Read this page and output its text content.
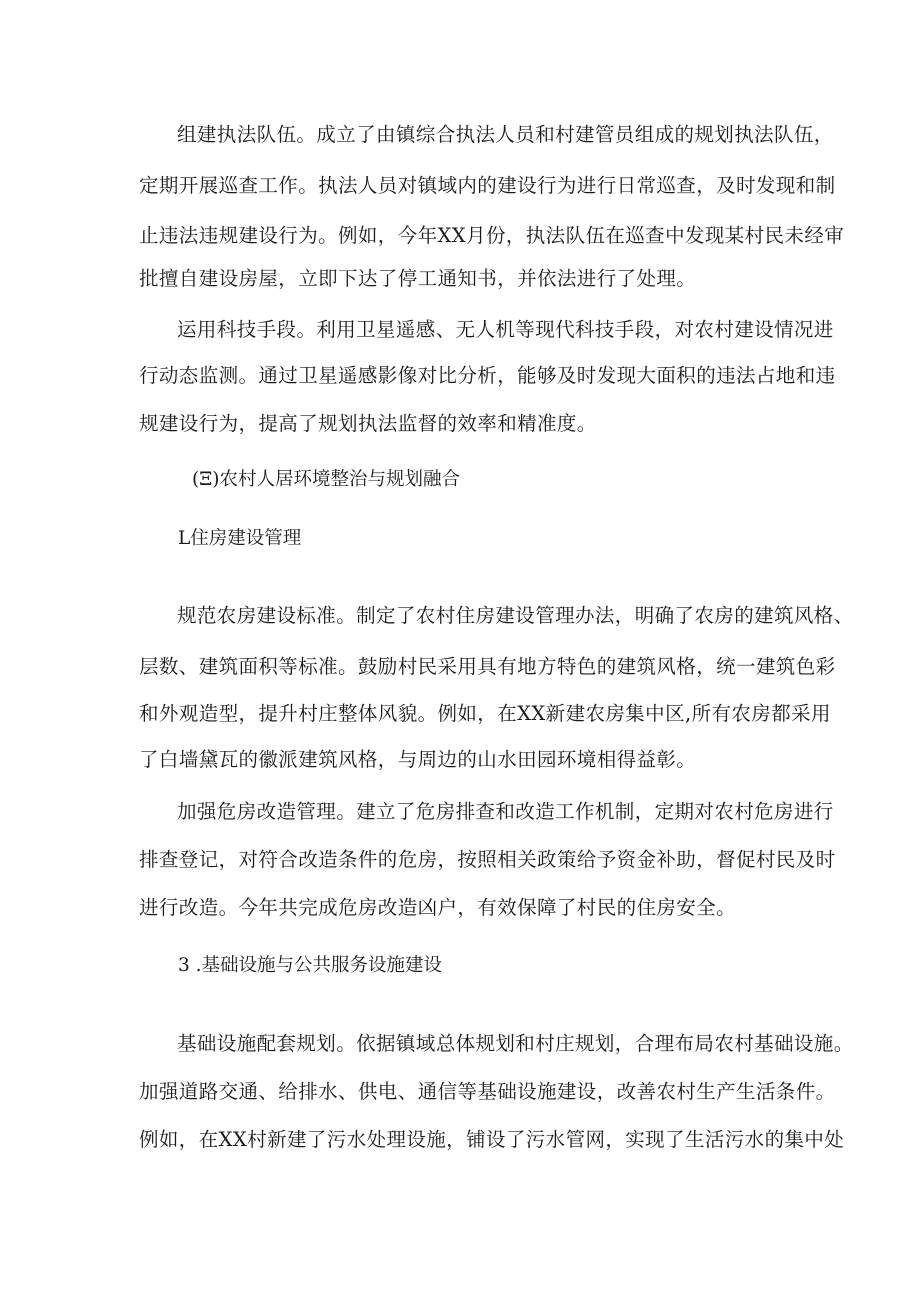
组建执法队伍。成立了由镇综合执法人员和村建管员组成的规划执法队伍，
定期开展巡查工作。执法人员对镇域内的建设行为进行日常巡查，及时发现和制
止违法违规建设行为。例如，今年XX月份，执法队伍在巡查中发现某村民未经审
批擅自建设房屋，立即下达了停工通知书，并依法进行了处理。
运用科技手段。利用卫星遥感、无人机等现代科技手段，对农村建设情况进
行动态监测。通过卫星遥感影像对比分析，能够及时发现大面积的违法占地和违
规建设行为，提高了规划执法监督的效率和精准度。
(Ξ)农村人居环境整治与规划融合
L住房建设管理
规范农房建设标准。制定了农村住房建设管理办法，明确了农房的建筑风格、
层数、建筑面积等标准。鼓励村民采用具有地方特色的建筑风格，统一建筑色彩
和外观造型，提升村庄整体风貌。例如，在XX新建农房集中区,所有农房都采用
了白墙黛瓦的徽派建筑风格，与周边的山水田园环境相得益彰。
加强危房改造管理。建立了危房排查和改造工作机制，定期对农村危房进行
排查登记，对符合改造条件的危房，按照相关政策给予资金补助，督促村民及时
进行改造。今年共完成危房改造凶户，有效保障了村民的住房安全。
3 .基础设施与公共服务设施建设
基础设施配套规划。依据镇域总体规划和村庄规划，合理布局农村基础设施。
加强道路交通、给排水、供电、通信等基础设施建设，改善农村生产生活条件。
例如，在XX村新建了污水处理设施，铺设了污水管网，实现了生活污水的集中处
